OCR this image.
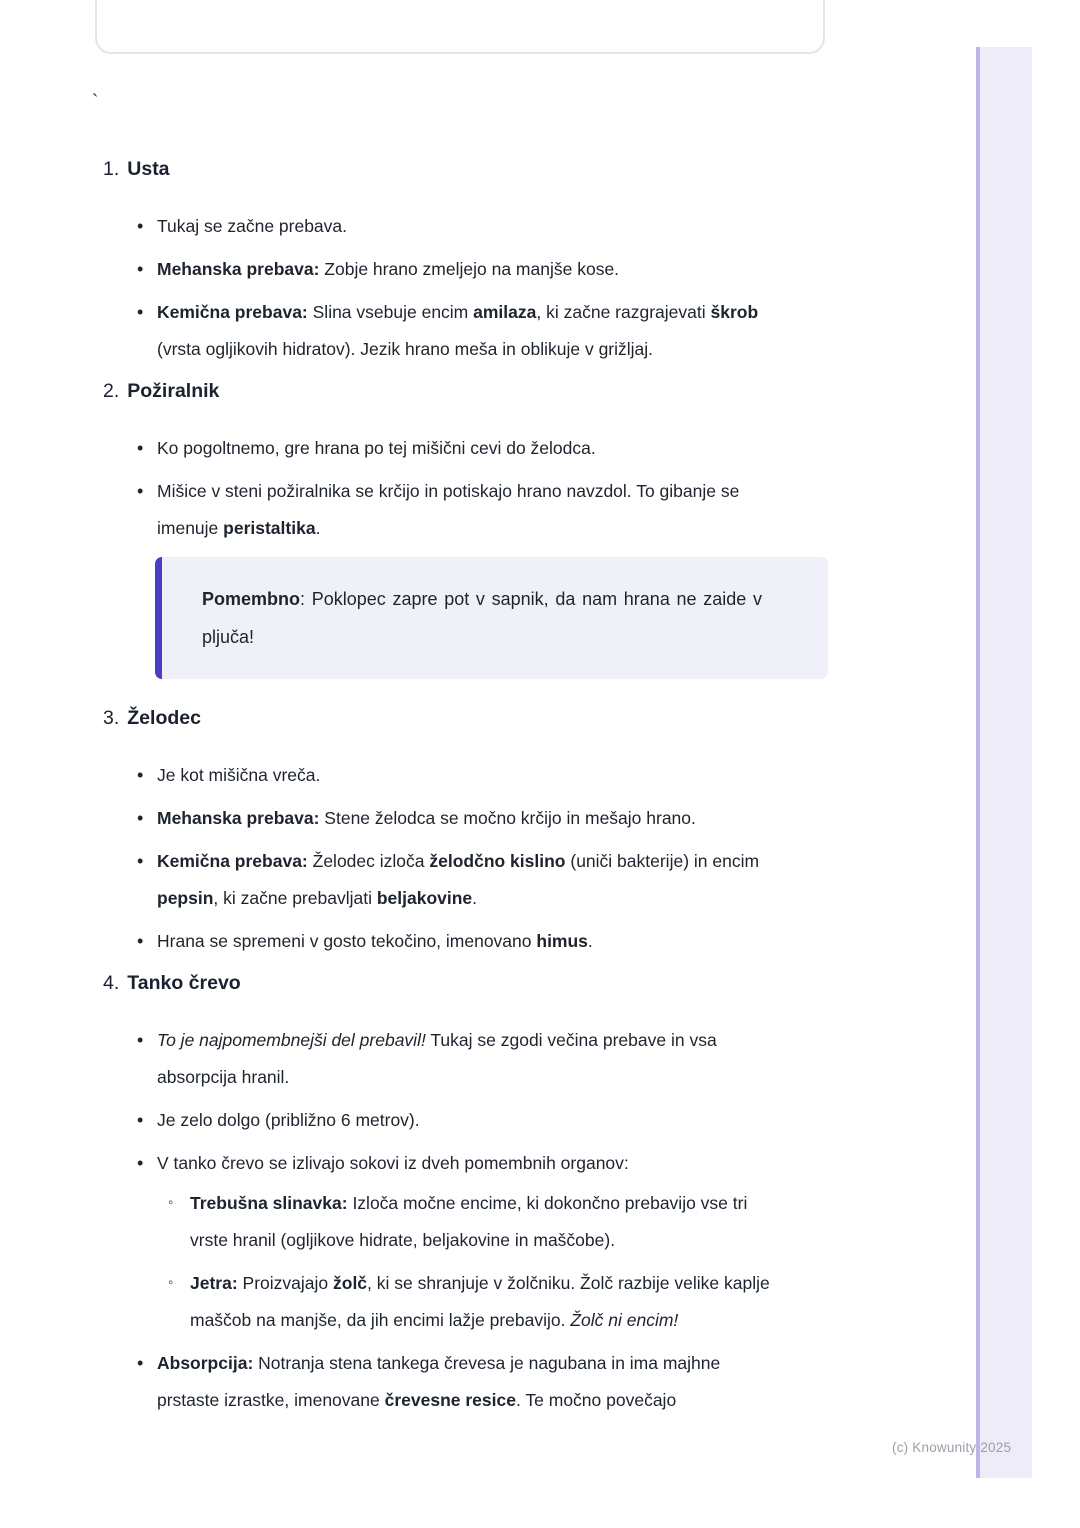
`
1. Usta
• Tukaj se začne prebava.
• Mehanska prebava: Zobje hrano zmeljejo na manjše kose.
• Kemična prebava: Slina vsebuje encim amilaza, ki začne razgrajevati škrob (vrsta ogljikovih hidratov). Jezik hrano meša in oblikuje v grižljaj.
2. Požiralnik
• Ko pogoltnemo, gre hrana po tej mišični cevi do želodca.
• Mišice v steni požiralnika se krčijo in potiskajo hrano navzdol. To gibanje se imenuje peristaltika.

Pomembno: Poklopec zapre pot v sapnik, da nam hrana ne zaide v pljuča!

3. Želodec
• Je kot mišična vreča.
• Mehanska prebava: Stene želodca se močno krčijo in mešajo hrano.
• Kemična prebava: Želodec izloča želodčno kislino (uniči bakterije) in encim pepsin, ki začne prebavljati beljakovine.
• Hrana se spremeni v gosto tekočino, imenovano himus.
4. Tanko črevo
• To je najpomembnejši del prebavil! Tukaj se zgodi večina prebave in vsa absorpcija hranil.
• Je zelo dolgo (približno 6 metrov).
• V tanko črevo se izlivajo sokovi iz dveh pomembnih organov:
◦ Trebušna slinavka: Izloča močne encime, ki dokončno prebavijo vse tri vrste hranil (ogljikove hidrate, beljakovine in maščobe).
◦ Jetra: Proizvajajo žolč, ki se shranjuje v žolčniku. Žolč razbije velike kaplje maščob na manjše, da jih encimi lažje prebavijo. Žolč ni encim!
• Absorpcija: Notranja stena tankega črevesa je nagubana in ima majhne prstaste izrastke, imenovane črevesne resice. Te močno povečajo
(c) Knowunity 2025
